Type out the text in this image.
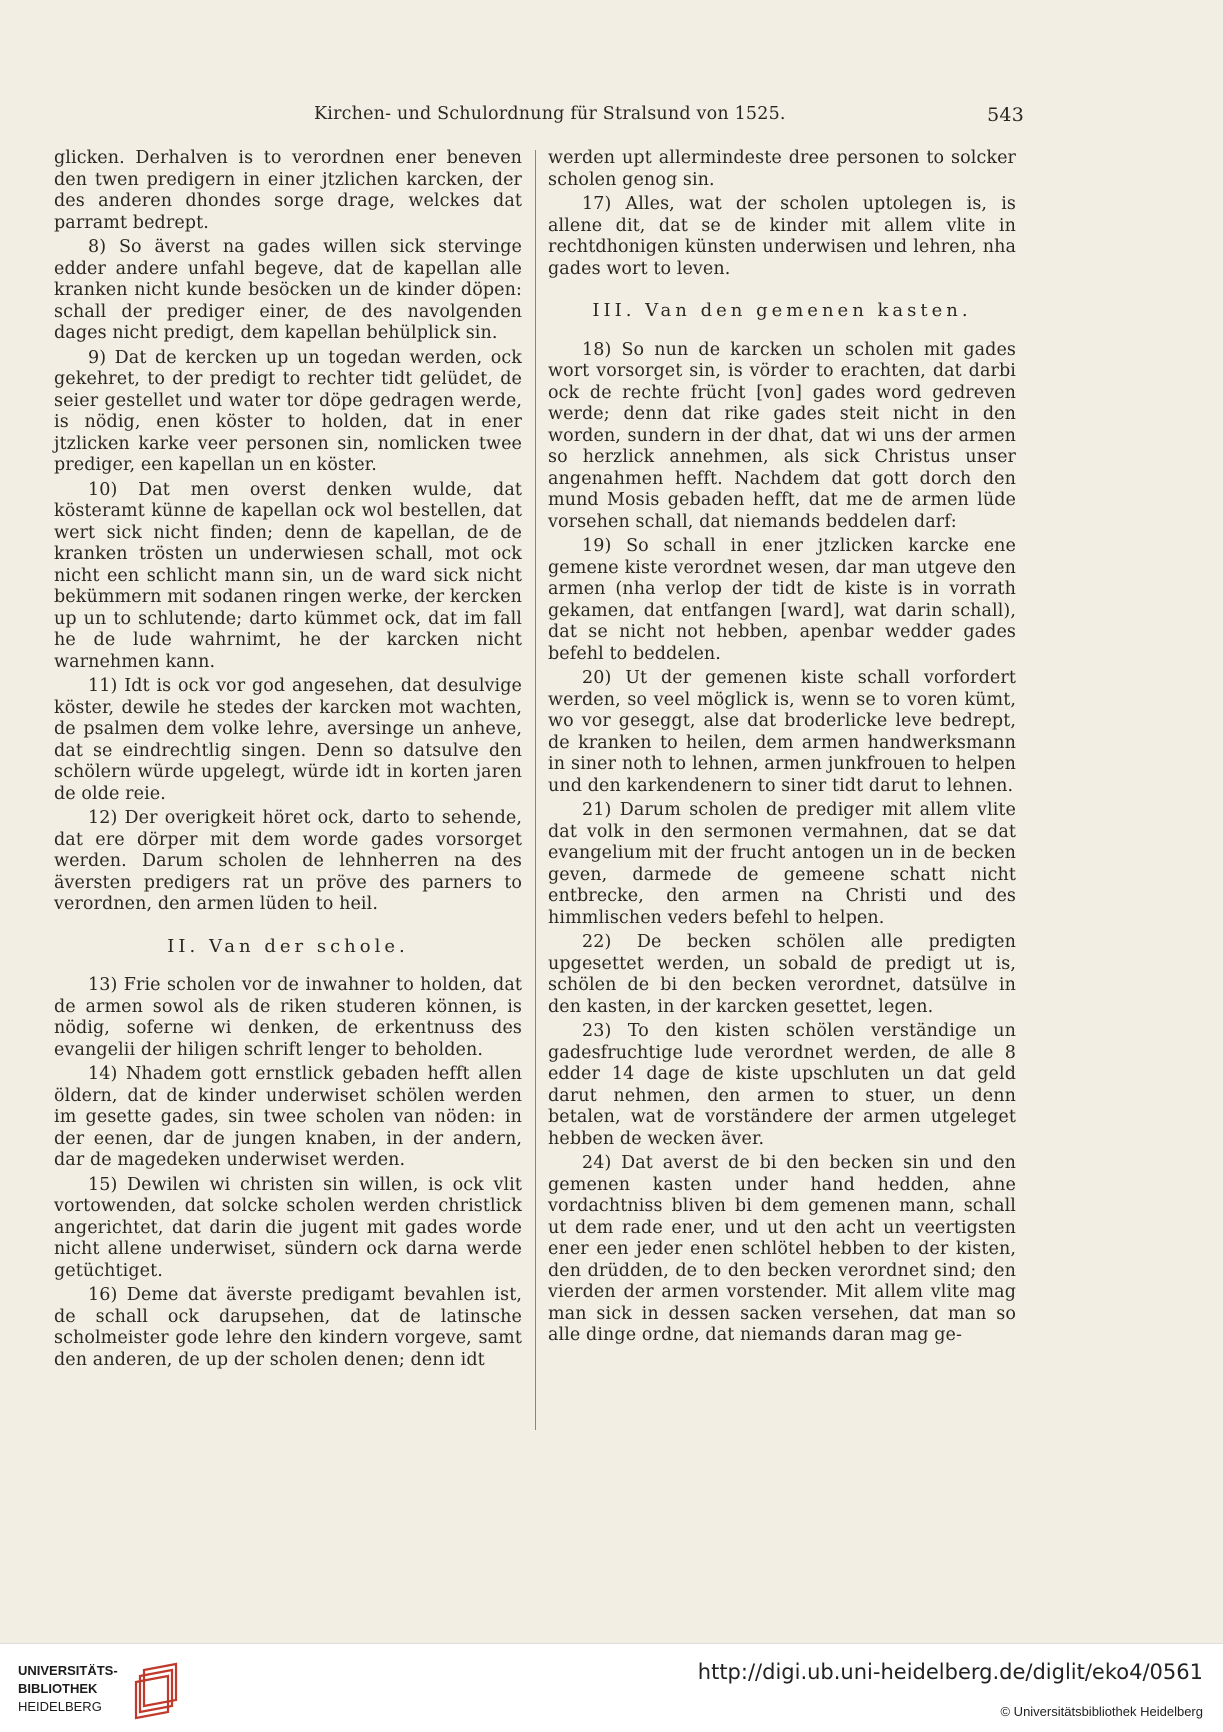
Kirchen- und Schulordnung für Stralsund von 1525.	543

glicken. Derhalven is to verordnen ener beneven den twen predigern in einer jtzlichen karcken, der des anderen dhondes sorge drage, welckes dat parramt bedrept.

8) So äverst na gades willen sick stervinge edder andere unfahl begeve, dat de kapellan alle kranken nicht kunde besöcken un de kinder döpen: schall der prediger einer, de des navolgenden dages nicht predigt, dem kapellan behülplick sin.

9) Dat de kercken up un togedan werden, ock gekehret, to der predigt to rechter tidt gelüdet, de seier gestellet und water tor döpe gedragen werde, is nödig, enen köster to holden, dat in ener jtzlicken karke veer personen sin, nomlicken twee prediger, een kapellan un en köster.

10) Dat men overst denken wulde, dat kösteramt künne de kapellan ock wol bestellen, dat wert sick nicht finden; denn de kapellan, de de kranken trösten un underwiesen schall, mot ock nicht een schlicht mann sin, un de ward sick nicht bekümmern mit sodanen ringen werke, der kercken up un to schlutende; darto kümmet ock, dat im fall he de lude wahrnimt, he der karcken nicht warnehmen kann.

11) Idt is ock vor god angesehen, dat desulvige köster, dewile he stedes der karcken mot wachten, de psalmen dem volke lehre, aversinge un anheve, dat se eindrechtlig singen. Denn so datsulve den schölern würde upgelegt, würde idt in korten jaren de olde reie.

12) Der overigkeit höret ock, darto to sehende, dat ere dörper mit dem worde gades vorsorget werden. Darum scholen de lehnherren na des äversten predigers rat un pröve des parners to verordnen, den armen lüden to heil.

II. Van der schole.

13) Frie scholen vor de inwahner to holden, dat de armen sowol als de riken studeren können, is nödig, soferne wi denken, de erkentnuss des evangelii der hiligen schrift lenger to beholden.

14) Nhadem gott ernstlick gebaden hefft allen öldern, dat de kinder underwiset schölen werden im gesette gades, sin twee scholen van nöden: in der eenen, dar de jungen knaben, in der andern, dar de magedeken underwiset werden.

15) Dewilen wi christen sin willen, is ock vlit vortowenden, dat solcke scholen werden christlick angerichtet, dat darin die jugent mit gades worde nicht allene underwiset, sündern ock darna werde getüchtiget.

16) Deme dat äverste predigamt bevahlen ist, de schall ock darupsehen, dat de latinsche scholmeister gode lehre den kindern vorgeve, samt den anderen, de up der scholen denen; denn idt

werden upt allermindeste dree personen to solcker scholen genog sin.

17) Alles, wat der scholen uptolegen is, is allene dit, dat se de kinder mit allem vlite in rechtdhonigen künsten underwisen und lehren, nha gades wort to leven.

III. Van den gemenen kasten.

18) So nun de karcken un scholen mit gades wort vorsorget sin, is vörder to erachten, dat darbi ock de rechte frücht [von] gades word gedreven werde; denn dat rike gades steit nicht in den worden, sundern in der dhat, dat wi uns der armen so herzlick annehmen, als sick Christus unser angenahmen hefft. Nachdem dat gott dorch den mund Mosis gebaden hefft, dat me de armen lüde vorsehen schall, dat niemands beddelen darf:

19) So schall in ener jtzlicken karcke ene gemene kiste verordnet wesen, dar man utgeve den armen (nha verlop der tidt de kiste is in vorrath gekamen, dat entfangen [ward], wat darin schall), dat se nicht not hebben, apenbar wedder gades befehl to beddelen.

20) Ut der gemenen kiste schall vorfordert werden, so veel möglick is, wenn se to voren kümt, wo vor geseggt, alse dat broderlicke leve bedrept, de kranken to heilen, dem armen handwerksmann in siner noth to lehnen, armen junkfrouen to helpen und den karkendenern to siner tidt darut to lehnen.

21) Darum scholen de prediger mit allem vlite dat volk in den sermonen vermahnen, dat se dat evangelium mit der frucht antogen un in de becken geven, darmede de gemeene schatt nicht entbrecke, den armen na Christi und des himmlischen veders befehl to helpen.

22) De becken schölen alle predigten upgesettet werden, un sobald de predigt ut is, schölen de bi den becken verordnet, datsülve in den kasten, in der karcken gesettet, legen.

23) To den kisten schölen verständige un gadesfruchtige lude verordnet werden, de alle 8 edder 14 dage de kiste upschluten un dat geld darut nehmen, den armen to stuer, un denn betalen, wat de vorständere der armen utgeleget hebben de wecken äver.

24) Dat averst de bi den becken sin und den gemenen kasten under hand hedden, ahne vordachtniss bliven bi dem gemenen mann, schall ut dem rade ener, und ut den acht un veertigsten ener een jeder enen schlötel hebben to der kisten, den drüdden, de to den becken verordnet sind; den vierden der armen vorstender. Mit allem vlite mag man sick in dessen sacken versehen, dat man so alle dinge ordne, dat niemands daran mag ge-

UNIVERSITÄTS-
BIBLIOTHEK
HEIDELBERG
http://digi.ub.uni-heidelberg.de/diglit/eko4/0561
© Universitätsbibliothek Heidelberg
